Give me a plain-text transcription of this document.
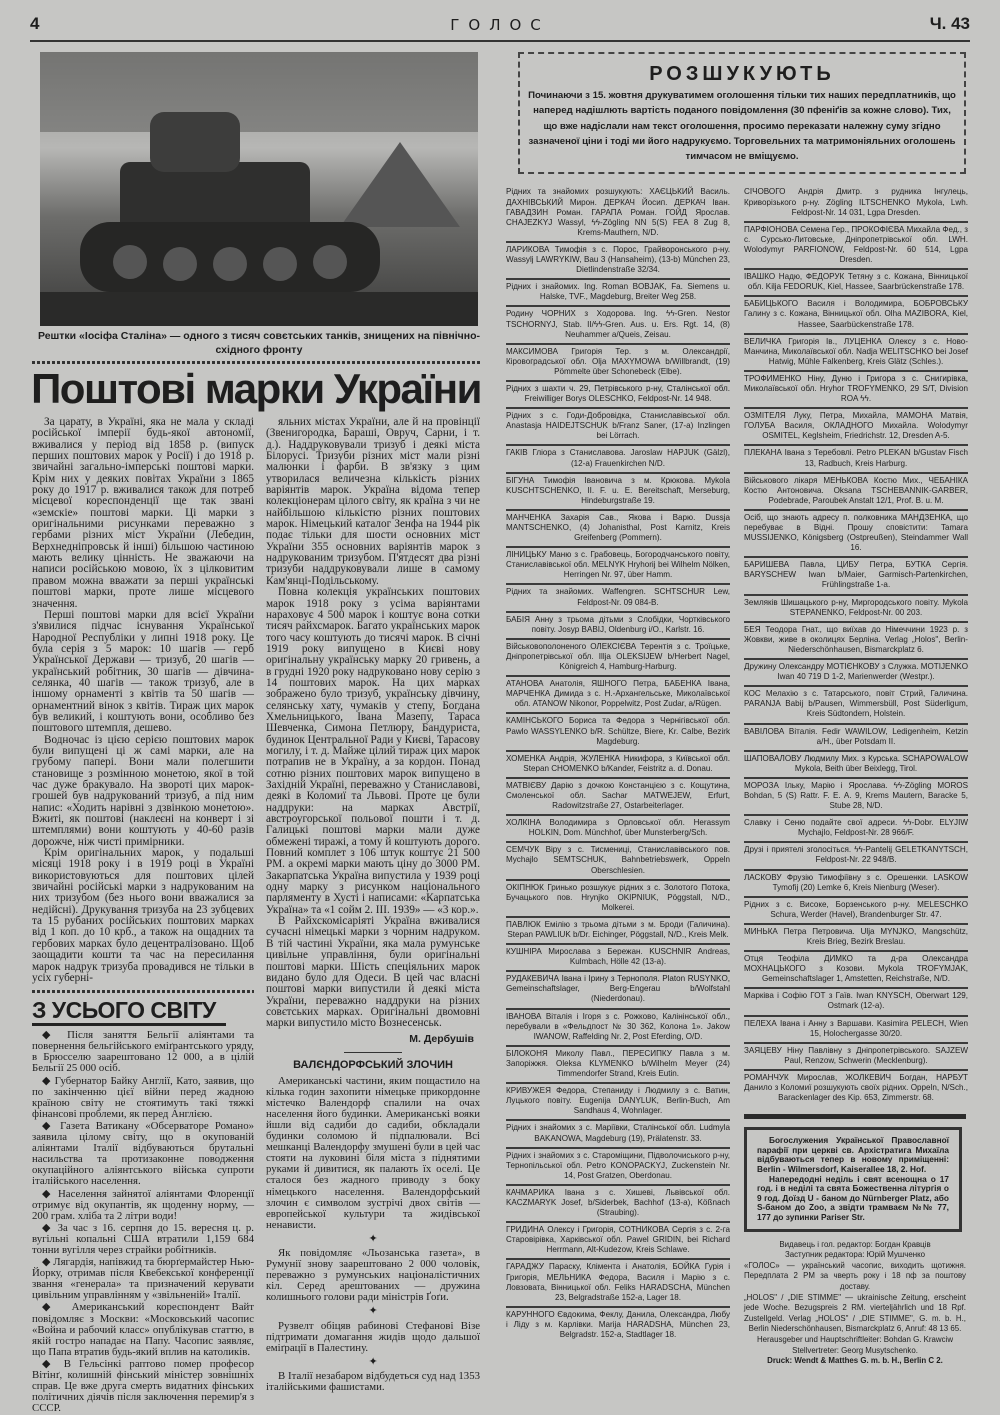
4	ГОЛОС	Ч. 43
Рештки «Іосіфа Сталіна» — одного з тисяч совєтських танків, знищених на північно-східного фронту
Поштові марки України

За царату, в Україні, яка не мала у складі російської імперії будь-якої автономії, вживалися у період від 1858 р. (випуск перших поштових марок у Росії) і до 1918 р. звичайні загально-імперські поштові марки. Крім них у деяких повітах України з 1865 року до 1917 р. вживалися також для потреб місцевої кореспонденції ще так звані «земскіе» поштові марки. Ці марки з оригінальними рисунками переважно з гербами різних міст України (Лебедин, Верхнедніпровськ й інші) більшою частиною мають велику цінність. Не зважаючи на написи російською мовою, їх з цілковитим правом можна вважати за перші українські поштові марки, проте лише місцевого значення.

Перші поштові марки для всієї України з'явилися підчас існування Української Народної Республіки у липні 1918 року. Це була серія з 5 марок: 10 шагів — герб Української Держави — тризуб, 20 шагів — український робітник, 30 шагів — дівчина-селянка, 40 шагів — також тризуб, але в іншому орнаменті з квітів та 50 шагів — орнаментний вінок з квітів. Тираж цих марок був великий, і коштують вони, особливо без поштового штемпля, дешево.

Водночас із цією серією поштових марок були випущені ці ж самі марки, але на грубому папері. Вони мали полегшити становище з розмінною монетою, якої в той час дуже бракувало. На звороті цих марок-грошей був надрукований тризуб, а під ним напис: «Ходить нарівні з дзвінкою монетою». Вжиті, як поштові (наклеєні на конверт і зі штемплями) вони коштують у 40-60 разів дорожче, ніж чисті примірники.

Крім оригінальних марок, у подальші місяці 1918 року і в 1919 році в Україні використовуються для поштових цілей звичайні російські марки з надрукованим на них тризубом (без нього вони вважалися за недійсні). Друкування тризуба на 23 зубцевих та 15 рубаних російських поштових марках від 1 коп. до 10 крб., а також на ощадних та гербових марках було децентралізовано. Щоб заощадити кошти та час на пересилання марок надрук тризуба провадився не тільки в усіх губерні-

З УСЬОГО СВІТУ

◆ Після заняття Бельгії аліянтами та повернення бельгійського еміґрантського уряду, в Брюсселю заарештовано 12 000, а в цілій Бельгії 25 000 осіб.

◆ Губернатор Байку Англії, Като, заявив, що по закінченню цієї війни перед жадною країною світу не стоятимуть такі тяжкі фінансові проблеми, як перед Англією.

◆ Газета Ватикану «Обсерваторе Романо» заявила цілому світу, що в окупованій аліянтами Італії відбуваються брутальні насильства та протизаконне поводження окупаційного аліянтського війська супроти італійського населення.

◆ Населення зайнятої аліянтами Флоренції отримує від окупантів, як щоденну норму, — 200 грам. хліба та 2 літри води!

◆ За час з 16. серпня до 15. вересня ц. р. вугільні копальні США втратили 1,159 684 тонни вугілля через страйки робітників.

◆ Лягардія, напівжид та бюрґермайстер Нью-Йорку, отримав після Квебекської конференції звання «генерала» та призначений керувати цивільним управлінням у «звільненій» Італії.

◆ Американський кореспондент Вайт повідомляє з Москви: «Московський часопис «Война и рабочий класс» опублікував статтю, в якій гостро нападає на Папу. Часопис заявляє, що Папа втратив будь-який вплив на католиків.

◆ В Гельсінкі раптово помер професор Вітінґ, колишній фінський міністер зовнішніх справ. Це вже друга смерть видатних фінських політичних діячів після заключення перемир'я з СССР.

яльних містах України, але й на провінції (Звенигородка, Бараші, Овруч, Сарни, і т. д.). Наддруковували тризуб і деякі міста Білорусі. Тризуби різних міст мали різні малюнки і фарби. В зв'язку з цим утворилася величезна кількість різних варіянтів марок. Україна відома тепер колекціонерам цілого світу, як країна з чи не найбільшою кількістю різних поштових марок. Німецький каталог Зенфа на 1944 рік подає тільки для шости основних міст України 355 основних варіянтів марок з надрукованим тризубом. П'ятдесят два різні тризуби наддруковували лише в самому Кам'янці-Подільському.

Повна колекція українських поштових марок 1918 року з усіма варіянтами нараховує 4 500 марок і коштує вона сотки тисяч райхсмарок. Багато українських марок того часу коштують до тисячі марок. В січні 1919 року випущено в Києві нову оригінальну українську марку 20 гривень, а в грудні 1920 року надруковано нову серію з 14 поштових марок. На цих марках зображено було тризуб, українську дівчину, селянську хату, чумаків у степу, Богдана Хмельницького, Івана Мазепу, Тараса Шевченка, Симона Петлюру, Бандуриста, будинок Центральної Ради у Києві, Тарасову могилу, і т. д. Майже цілий тираж цих марок потрапив не в Україну, а за кордон. Понад сотню різних поштових марок випущено в Західній Україні, переважно у Станиславові, деякі в Коломиї та Львові. Проте це були наддруки: на марках Австрії, австроугорської польової пошти і т. д. Галицькі поштові марки мали дуже обмежені тиражі, а тому й коштують дорого. Повний комплет з 106 штук коштує 21 500 РМ. а окремі марки мають ціну до 3000 РМ. Закарпатська Україна випустила у 1939 році одну марку з рисунком національного парляменту в Хусті і написами: «Карпатська Україна» та «1 сойм 2. III. 1939» — «3 кор.».

В Райхскомісаріяті Україна вживалися сучасні німецькі марки з чорним надруком. В тій частині України, яка мала румунське цивільне управління, були оригінальні поштові марки. Шість спеціяльних марок видано було для Одеси. В цей час власні поштові марки випустили й деякі міста України, переважно наддруки на різних совєтських марках. Оригінальні двомовні марки випустило місто Вознесенськ.

М. Дербушів
ВАЛЄНДОРФСЬКИЙ ЗЛОЧИН

Американські частини, яким пощастило на кілька годин захопити німецьке прикордонне містечко Валендорф спалили на очах населення його будинки. Американські вояки йшли від садиби до садиби, обкладали будинки соломою й підпалювали. Всі мешканці Валендорфу змушені були в цей час стояти на луковині біля міста з піднятими руками й дивитися, як палають їх оселі. Це сталося без жадного приводу з боку німецького населення. Валендорфський злочин є символом зустрічі двох світів — европейської культури та жидівської ненависти.

✦

Як повідомляє «Льозанська газета», в Румунії знову заарештовано 2 000 чоловік, переважно з румунських націоналістичних кіл. Серед арештованих — дружина колишнього голови ради міністрів Ґоґи.

✦

Рузвелт обіцяв рабинові Стефанові Візе підтримати домагання жидів щодо дальшої еміґрації в Палестину.

✦

В Італії незабаром відбудеться суд над 1353 італійськими фашистами.

РОЗШУКУЮТЬ
Починаючи з 15. жовтня друкуватимем оголошення тільки тих наших передплатників, що наперед надішлють вартість поданого повідомлення (30 пфеніґів за кожне слово). Тих, що вже надіслали нам текст оголошення, просимо переказати належну суму згідно зазначеної ціни і тоді ми його надрукуємо. Торговельних та матримоніяльних оголошень тимчасом не вміщуємо.
Рідних та знайомих розшукують: ХАЄЦЬКИЙ Василь. ДАХНІВСЬКИЙ Мирон. ДЕРКАЧ Йосип. ДЕРКАЧ Іван. ГАВАДЗИН Роман. ГАРАПА Роман. ГОЙД Ярослав. CHAJEZKYJ Wassyl, ϟϟ-Zögling NN 5(S) FEA 8 Zug 8, Krems-Mauthern, N/D.
ЛАРИКОВА Тимофія з с. Порос, Грайворонського р-ну. Wassylj LAWRYKIW, Bau 3 (Hansaheim), (13-b) München 23, Dietlindenstraße 32/34.
Рідних і знайомих. Ing. Roman BOBJAK, Fa. Siemens u. Halske, TVF., Magdeburg, Breiter Weg 258.
Родину ЧОРНИХ з Ходорова. Ing. ϟϟ-Gren. Nestor TSCHORNYJ, Stab. II/ϟϟ-Gren. Aus. u. Ers. Rgt. 14, (8) Neuhammer a/Queis, Zeisau.
МАКСИМОВА Григорія Тер. з м. Олександрії, Кіровоградської обл. Olja MAXYMOWA b/Willbrandt, (19) Pömmelte über Schonebeck (Elbe).
Рідних з шахти ч. 29, Петрівського р-ну, Сталінської обл. Freiwilliger Borys OLESCHKO, Feldpost-Nr. 14 948.
Рідних з с. Годи-Добровідка, Станиславівської обл. Anastasja HAIDEJTSCHUK b/Franz Saner, (17-a) Inzlingen bei Lörrach.
ГАКІВ Гліора з Станиславова. Jaroslaw HAPJUK (Gälzl), (12-a) Frauenkirchen N/D.
БІГУНА Тимофія Івановича з м. Крюкова. Mykola KUSCHTSCHENKO, II. F. u. E. Bereitschaft, Merseburg, Hindeburgstraße 19.
МАНЧЕНКА Захарія Сав., Якова і Варю. Dussja MANTSCHENKO, (4) Johanisthal, Post Karnitz, Kreis Greifenberg (Pommern).
ЛІНИЦЬКУ Маню з с. Грабовець, Богородчанського повіту, Станиславівської обл. MELNYK Hryhorij bei Wilhelm Nölken, Herringen Nr. 97, über Hamm.
Рідних та знайомих. Waffengren. SCHTSCHUR Lew, Feldpost-Nr. 09 084-B.
БАБІЯ Анну з трьома дітьми з Слобідки, Чортківського повіту. Josyp BABIJ, Oldenburg i/O., Karlstr. 16.
Військовополоненого ОЛЕКСІЄВА Терентія з с. Троїцьке, Дніпропетрівської обл. Illja OLEKSIJEW b/Herbert Nagel, Königreich 4, Hamburg-Harburg.
АТАНОВА Анатолія, ЯШНОГО Петра, БАБЕНКА Івана, МАРЧЕНКА Димида з с. Н.-Архангельське, Миколаївської обл. ATANOW Nikonor, Poppelwitz, Post Zudar, a/Rügen.
КАМІНСЬКОГО Бориса та Федора з Чернігівської обл. Pawlo WASSYLENKO b/R. Schültze, Biere, Kr. Calbe, Bezirk Magdeburg.
ХОМЕНКА Андрія, ЖУЛЕНКА Никифора, з Київської обл. Stepan CHOMENKO b/Kander, Feistritz a. d. Donau.
МАТВІЄВУ Дарію з дочкою Констанцією з с. Кощутина, Смоленської обл. Sachar MATWEJEW, Erfurt, Radowitzstraße 27, Ostarbeiterlager.
ХОЛКІНА Володимира з Орловської обл. Herassym HOLKIN, Dom. Münchhof, über Munsterberg/Sch.
СЕМЧУК Віру з с. Тисмениці, Станиславівського пов. Mychajlo SEMTSCHUK, Bahnbetriebswerk, Oppeln Oberschlesien.
ОКІПНЮК Гринько розшукує рідних з с. Золотого Потока, Бучацького пов. Hrynjko OKIPNIUK, Pöggstall, N/D., Molkerei.
ПАВЛЮК Емілію з трьома дітьми з м. Броди (Галичина). Stepan PAWLIUK b/Dr. Eichinger, Pöggstall, N/D., Kreis Melk.
КУШНІРА Мирослава з Бережан. KUSCHNIR Andreas, Kulmbach, Hölle 42 (13-a).
РУДАКЕВИЧА Івана і Ірину з Тернополя. Platon RUSYNKO, Gemeinschaftslager, Berg-Engerau b/Wolfstahl (Niederdonau).
ІВАНОВА Віталія і Ігоря з с. Рожково, Калінінської обл., перебували в «Фельдпост № 30 362, Колона 1». Jakow IWANOW, Raffelding Nr. 2, Post Eferding, O/D.
БІЛОКОНЯ Миколу Павл., ПЕРЕСИПКУ Павла з м. Запоріжжя. Oleksa KLYMENKO b/Wilhelm Meyer (24) Timmendorfer Strand, Kreis Eutin.
КРИВУЖЕЯ Федора, Степаниду і Людмилу з с. Ватин, Луцького повіту. Eugenija DANYLUK, Berlin-Buch, Am Sandhaus 4, Wohnlager.
Рідних і знайомих з с. Маріївки, Сталінської обл. Ludmyla BAKANOWA, Magdeburg (19), Prälatenstr. 33.
Рідних і знайомих з с. Староміщини, Підволочиського р-ну, Тернопільської обл. Petro KONOPACKYJ, Zuckenstein Nr. 14, Post Gratzen, Oberdonau.
КАЧМАРИКА Івана з с. Хишеві, Львівської обл. KACZMARYK Josef, b/Siderbek, Bachhof (13-a), Kößnach (Straubing).
ГРИДИНА Олексу і Григорія, СОТНИКОВА Сергія з с. 2-га Старовірівка, Харківської обл. Pawel GRIDIN, bei Richard Herrmann, Alt-Kudezow, Kreis Schlawe.
ГАРАДЖУ Параску, Клімента і Анатолія, БОЙКА Гурія і Григорія, МЕЛЬНИКА Федора, Василя і Марію з с. Ловзовата, Вінницької обл. Feliks HARADSCHA, München 23, Belgradstraße 152-a, Lager 18.
КАРУННОГО Євдокима, Феклу, Данила, Олександра, Любу і Ліду з м. Карлівки. Marija HARADSHA, München 23, Belgradstr. 152-a, Stadtlager 18.
СІЧОВОГО Андрія Дмитр. з рудника Інгулець, Криворізького р-ну. Zögling ILTSCHENKO Mykola, Lwh. Feldpost-Nr. 14 031, Lgpa Dresden.
ПАРФІОНОВА Семена Гер., ПРОКОФІЄВА Михайла Фед., з с. Сурсько-Литовське, Дніпропетрівської обл. LWH. Wolodymyr PARFIONOW, Feldpost-Nr. 60 514, Lgpa Dresden.
ІВАШКО Надю, ФЕДОРУК Тетяну з с. Кожана, Вінницької обл. Kilja FEDORUK, Kiel, Hassee, Saarbrückenstraße 178.
БАБИЦЬКОГО Василя і Володимира, БОБРОВСЬКУ Галину з с. Кожана, Вінницької обл. Olha MAZIBORA, Kiel, Hassee, Saarbückenstraße 178.
ВЕЛИЧКА Григорія Ів., ЛУЦЕНКА Олексу з с. Ново-Манчина, Миколаївської обл. Nadja WELITSCHKO bei Josef Hatwig, Mühle Falkenberg, Kreis Glätz (Schles.).
ТРОФИМЕНКО Ніну, Дуню і Григора з с. Снигирівка, Миколаївської обл. Hryhor TROFYMENKO, 29 S/T, Division ROA ϟϟ.
ОЗМІТЕЛЯ Луку, Петра, Михайла, МАМОНА Матвія, ГОЛУБА Василя, ОКЛАДНОГО Михайла. Wolodymyr OSMITEL, Keglsheim, Friedrichstr. 12, Dresden A-5.
ПЛЕКАНА Івана з Теребовлі. Petro PLEKAN b/Gustav Fisch 13, Radbuch, Kreis Harburg.
Військового лікаря МЕНЬКОВА Костю Мих., ЧЕБАНІКА Костю Антоновича. Oksana TSCHEBANNIK-GARBER, Podebrade, Paroubek Anstalt 12/1, Prof. B. u. M.
Осіб, що знають адресу п. полковника МАНДЗЕНКА, що перебуває в Відні. Прошу сповістити: Tamara MUSSIJENKO, Königsberg (Ostpreußen), Steindammer Wall 16.
БАРИШЕВА Павла, ЦИБУ Петра, БУТКА Сергія. BARYSCHEW Iwan b/Maier, Garmisch-Partenkirchen, Frühlingstraße 1-a.
Земляків Шишацького р-ну, Миргородського повіту. Mykola STEPANENKO, Feldpost-Nr. 00 203.
БЕЯ Теодора Гнат., що виїхав до Німеччини 1923 р. з Жовкви, живе в околицях Берліна. Verlag „Holos", Berlin-Niederschönhausen, Bismarckplatz 6.
Дружину Олександру МОТІЄНКОВУ з Служка. MOTIJENKO Iwan 40 719 D 1-2, Marienwerder (Westpr.).
КОС Мелахію з с. Татарського, повіт Стрий, Галичина. PARANJA Babij b/Pausen, Wimmersbüll, Post Süderligum, Kreis Südtondern, Holstein.
ВАВІЛОВА Віталія. Fedir WAWILOW, Ledigenheim, Ketzin a/H., über Potsdam II.
ШАПОВАЛОВУ Людмилу Мих. з Курська. SCHAPOWALOW Mykola, Beith über Beixlegg, Tirol.
МОРОЗА Ільку, Марію і Ярослава. ϟϟ-Zögling MOROS Bohdan, 5 (S) Rattr. F. E. A. 9, Krems Mautern, Baracke 5, Stube 28, N/D.
Славку і Сеню подайте свої адреси. ϟϟ-Dobr. ELYJIW Mychajlo, Feldpost-Nr. 28 966/F.
Друзі і приятелі зголосіться. ϟϟ-Pantelij GELETKANYTSCH, Feldpost-Nr. 22 948/B.
ЛАСКОВУ Фрузію Тимофіївну з с. Орешенки. LASKOW Tymofij (20) Lemke 6, Kreis Nienburg (Weser).
Рідних з с. Високе, Борзенського р-ну. MELESCHKO Schura, Werder (Havel), Brandenburger Str. 47.
МИНЬКА Петра Петровича. Ulja MYNJKO, Mangschütz, Kreis Brieg, Bezirk Breslau.
Отця Теофіла ДИМКО та д-ра Олександра МОХНАЦЬКОГО з Козови. Mykola TROFYMJAK, Gemeinschaftslager 1, Amstetten, Reichstraße, N/D.
Марківа і Софію ГОТ з Гаїв. Iwan KNYSCH, Oberwart 129, Ostmark (12-a).
ПЕЛЕХА Івана і Анну з Варшави. Kasimira PELECH, Wien 15, Holochergasse 30/20.
ЗАЯЦЕВУ Ніну Павлівну з Дніпропетрівського. SAJZEW Paul, Renzow, Schwerin (Mecklenburg).
РОМАНЧУК Мирослав, ЖОЛКЕВИЧ Богдан, НАРБУТ Данило з Коломиї розшукують своїх рідних. Oppeln, N/Sch., Barackenlager des Kip. 653, Zimmerstr. 68.

Богослужения Української Православної парафії при церкві св. Архістратига Михаїла відбуваються тепер в новому приміщенні: Berlin - Wilmersdorf, Kaiserallee 18, 2. Hof.

Напередодні неділь і свят всенощна о 17 год. і в неділі та свята Божественна літургія о 9 год. Доїзд U - баном до Nürnberger Platz, або S-баном до Zoo, а звідти трамваєм №№ 77, 177 до зупинки Pariser Str.

Видавець і гол. редактор: Богдан Кравців
Заступник редактора: Юрій Мушченко
«ГОЛОС» — український часопис, виходить щотижня. Передплата 2 РМ за чверть року і 18 пф за поштову доставу.
„HOLOS" / „DIE STIMME" — ukrainische Zeitung, erscheint jede Woche. Bezugspreis 2 RM. vierteljährlich und 18 Rpf. Zustellgeld. Verlag „HOLOS" / „DIE STIMME", G. m. b. H., Berlin Niederschönhausen, Bismarckplatz 6, Anruf: 48 13 65.
Herausgeber und Hauptschriftleiter: Bohdan G. Krawciw
Stellvertreter: Georg Musytschenko.
Druck: Wendt & Matthes G. m. b. H., Berlin C 2.
